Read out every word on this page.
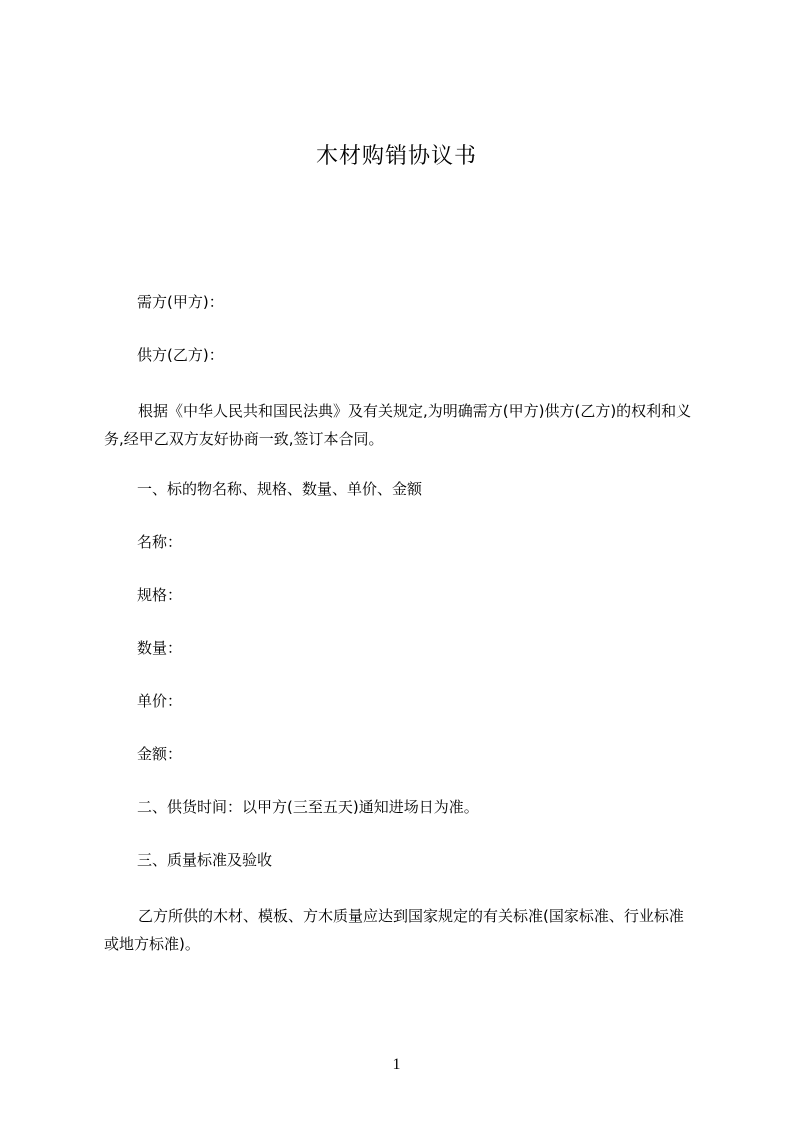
木材购销协议书
需方(甲方)：
供方(乙方)：
根据《中华人民共和国民法典》及有关规定,为明确需方(甲方)供方(乙方)的权利和义务,经甲乙双方友好协商一致,签订本合同。
一、标的物名称、规格、数量、单价、金额
名称：
规格：
数量：
单价：
金额：
二、供货时间：以甲方(三至五天)通知进场日为准。
三、质量标准及验收
乙方所供的木材、模板、方木质量应达到国家规定的有关标准(国家标准、行业标准或地方标准)。
1
